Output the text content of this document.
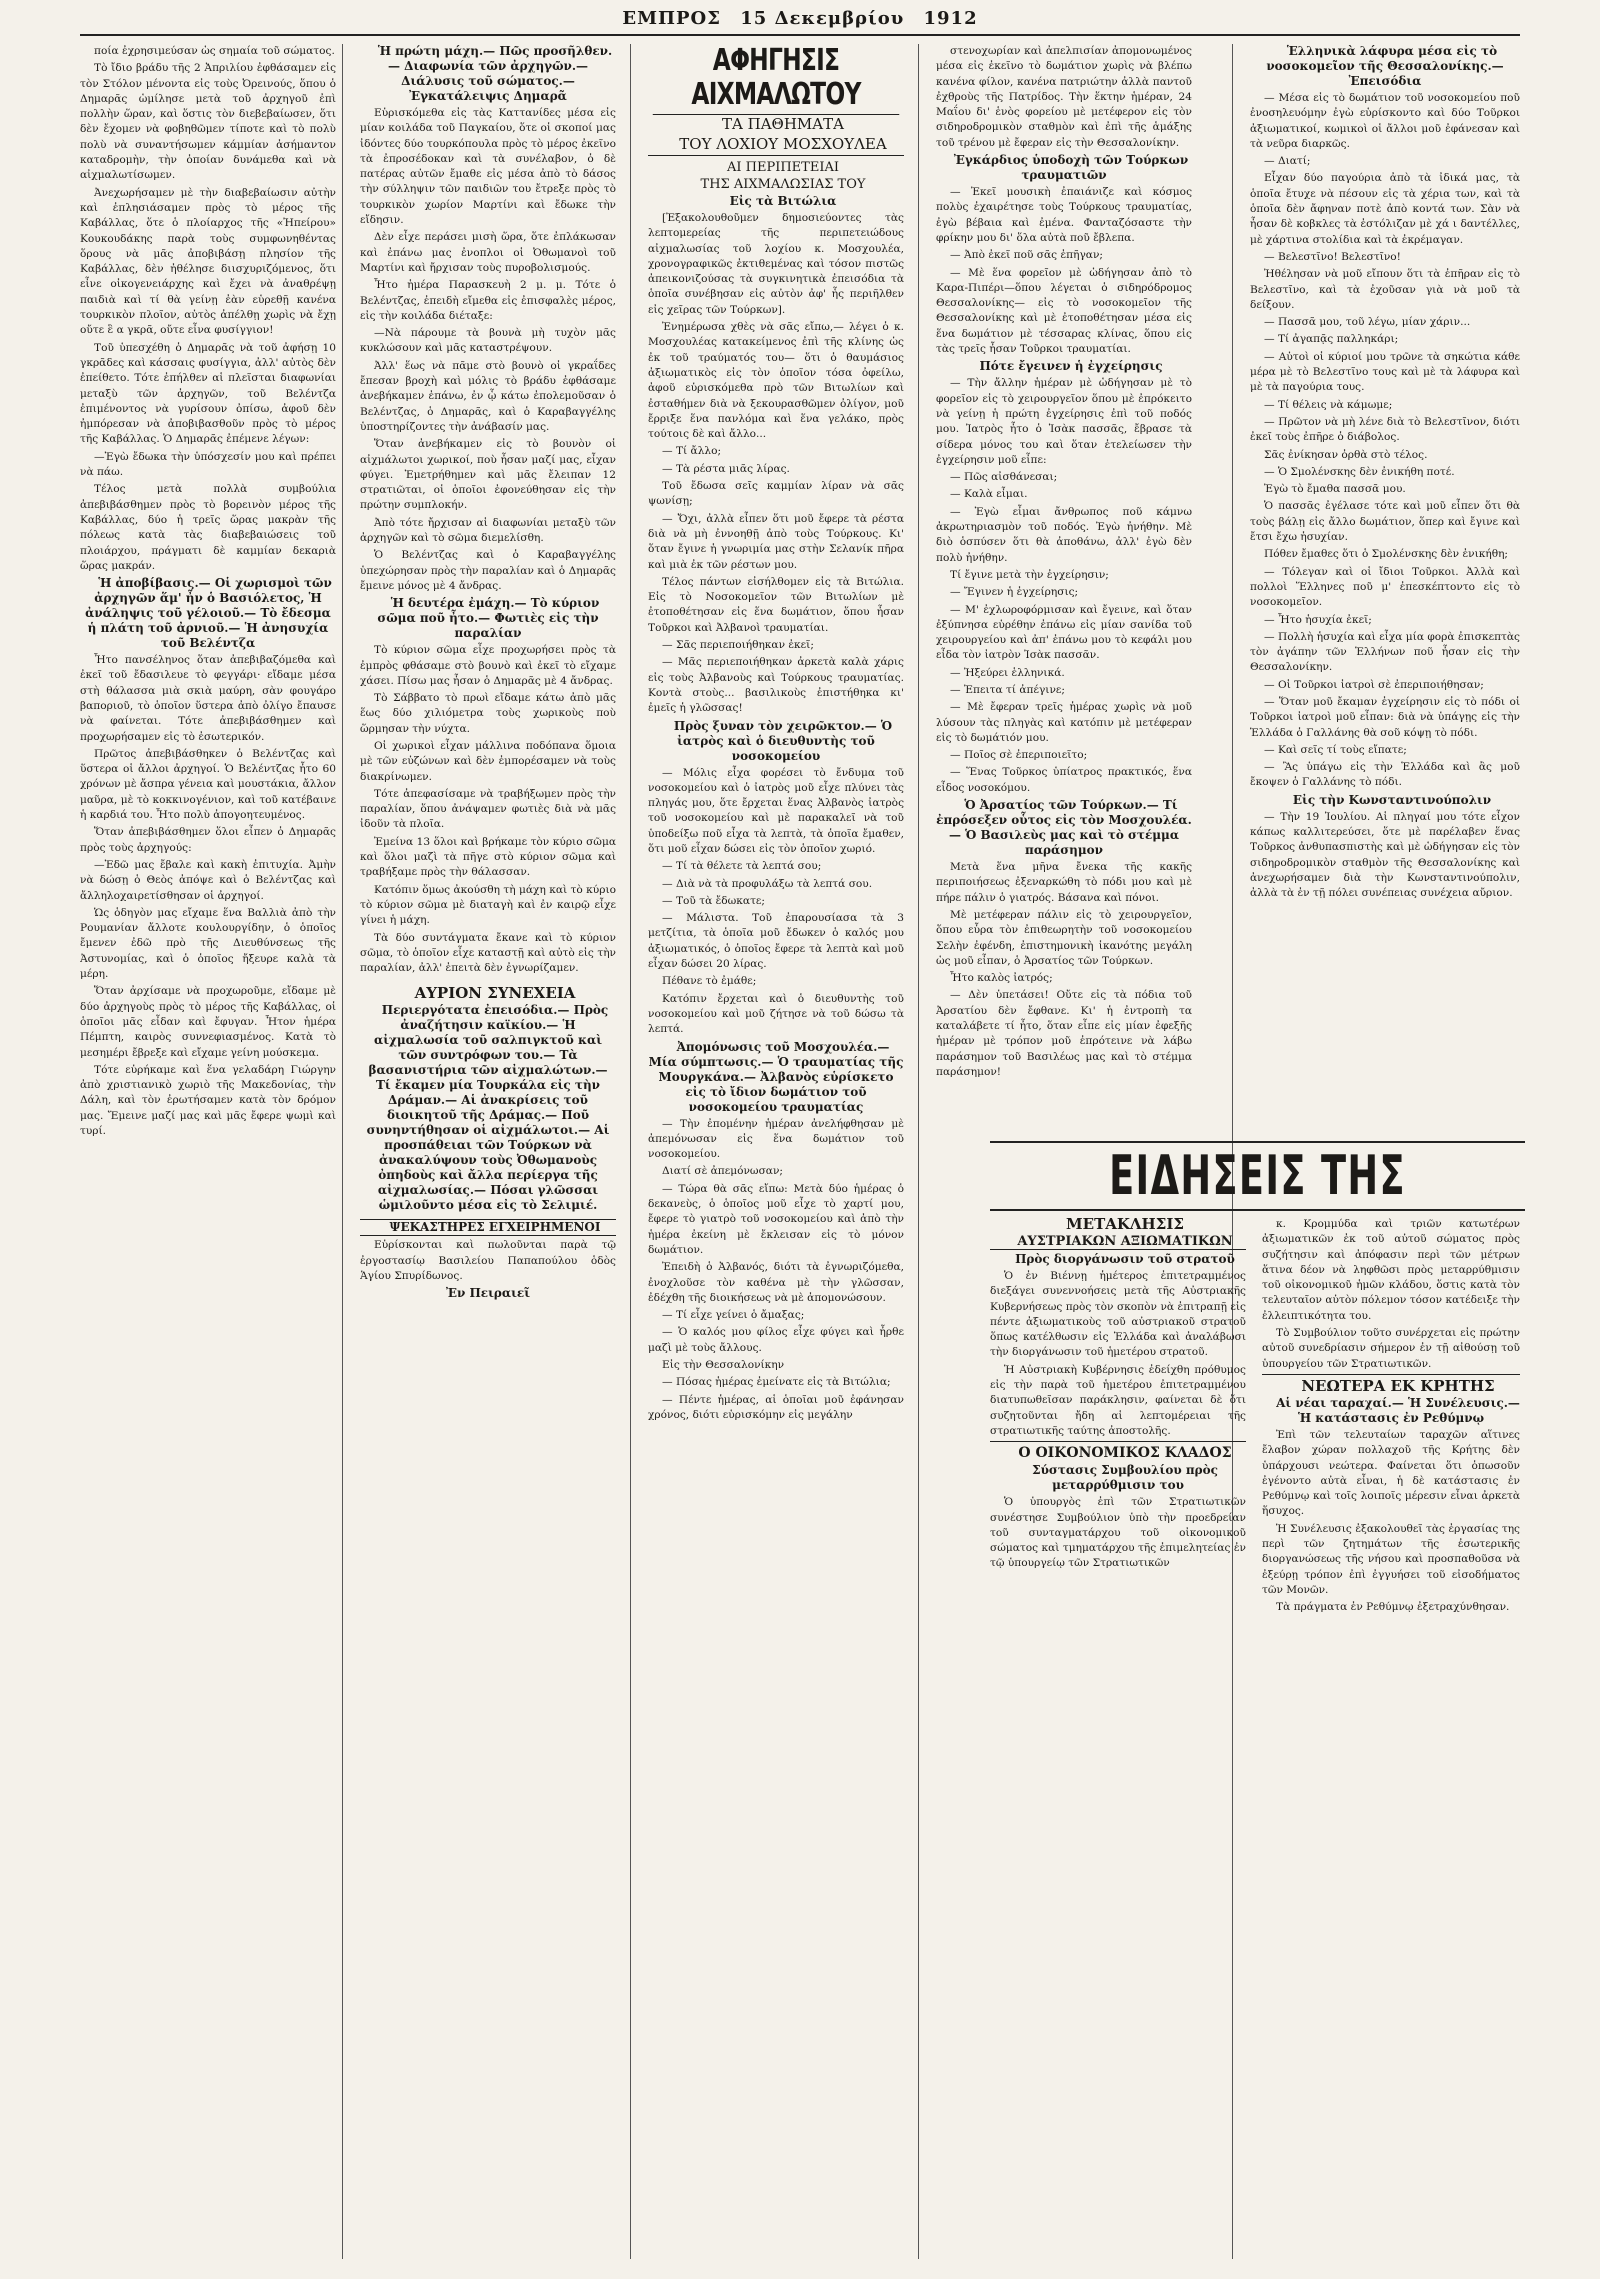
ΕΜΠΡΟΣ 15 Δεκεμβρίου 1912

ποία ἐχρησιμεύσαν ὡς σημαία τοῦ σώματος.

Τὸ ἴδιο βράδυ τῆς 2 Ἀπριλίου ἐφθάσαμεν εἰς τὸν Στόλον μένοντα εἰς τοὺς Ὀρεινούς, ὅπου ὁ Δημαρᾶς ὡμίλησε μετὰ τοῦ ἀρχηγοῦ ἐπὶ πολλὴν ὥραν, καὶ ὅστις τὸν διεβεβαίωσεν, ὅτι δὲν ἔχομεν νὰ φοβηθῶμεν τίποτε καὶ τὸ πολὺ πολὺ νὰ συναντήσωμεν κάμμίαν ἀσήμαντον καταδρομὴν, τὴν ὁποίαν δυνάμεθα καὶ νὰ αἰχμαλωτίσωμεν.

Ἀνεχωρήσαμεν μὲ τὴν διαβεβαίωσιν αὐτὴν καὶ ἐπλησιάσαμεν πρὸς τὸ μέρος τῆς Καβάλλας, ὅτε ὁ πλοίαρχος τῆς «Ἠπείρου» Κουκουδάκης παρὰ τοὺς συμφωνηθέντας ὅρους νὰ μᾶς ἀποβιβάσῃ πλησίον τῆς Καβάλλας, δὲν ἠθέλησε διισχυριζόμενος, ὅτι εἶνε οἰκογενειάρχης καὶ ἔχει νὰ ἀναθρέψῃ παιδιὰ καὶ τί θὰ γείνῃ ἐὰν εὑρεθῇ κανένα τουρκικὸν πλοῖον, αὐτὸς ἀπέλθῃ χωρὶς νὰ ἔχῃ οὔτε ἓ α γκρᾶ, οὔτε εἶνα φυσίγγιον!

Τοῦ ὑπεσχέθη ὁ Δημαρᾶς νὰ τοῦ ἀφήσῃ 10 γκρᾶδες καὶ κάσσαις φυσίγγια, ἀλλ' αὐτὸς δὲν ἐπείθετο. Τότε ἐπήλθεν αἱ πλεῖσται διαφωνίαι μεταξὺ τῶν ἀρχηγῶν, τοῦ Βελέντζα ἐπιμένοντος νὰ γυρίσουν ὀπίσω, ἀφοῦ δὲν ἠμπόρεσαν νὰ ἀποβιβασθοῦν πρὸς τὸ μέρος τῆς Καβάλλας. Ὁ Δημαρᾶς ἐπέμενε λέγων:

—Ἐγὼ ἔδωκα τὴν ὑπόσχεσίν μου καὶ πρέπει νὰ πάω.

Τέλος μετὰ πολλὰ συμβούλια ἀπεβιβάσθημεν πρὸς τὸ βορεινὸν μέρος τῆς Καβάλλας, δύο ἡ τρεῖς ὥρας μακρὰν τῆς πόλεως κατὰ τὰς διαβεβαιώσεις τοῦ πλοιάρχου, πράγματι δὲ καμμίαν δεκαριὰ ὥρας μακράν.

Ἡ ἀποβίβασις.— Οἱ χωρισμοὶ τῶν ἀρχηγῶν ἅμ' ἦν ὁ Βασιόλετος, Ἡ ἀνάληψις τοῦ γέλοιοῦ.— Τὸ ἔδεσμα ἡ πλάτη τοῦ ἀρνιοῦ.— Ἡ ἀνησυχία τοῦ Βελέντζα

Ἦτο πανσέληνος ὅταν ἀπεβιβαζόμεθα καὶ ἐκεῖ τοῦ ἔδασιλευε τὸ φεγγάρι· εἴδαμε μέσα στὴ θάλασσα μιὰ σκιὰ μαύρη, σὰν φουγάρο βαποριοῦ, τὸ ὁποῖον ὕστερα ἀπὸ ὀλίγο ἔπαυσε νὰ φαίνεται. Τότε ἀπεβιβάσθημεν καὶ προχωρήσαμεν εἰς τὸ ἐσωτερικόν.

Πρῶτος ἀπεβιβάσθηκεν ὁ Βελέντζας καὶ ὕστερα οἱ ἄλλοι ἀρχηγοί. Ὁ Βελέντζας ἦτο 60 χρόνων μὲ ἄσπρα γένεια καὶ μουστάκια, ἄλλον μαῦρα, μὲ τὸ κοκκινογένιον, καὶ τοῦ κατέβαινε ἡ καρδιά του. Ἦτο πολὺ ἀπογοητευμένος.

Ὅταν ἀπεβιβάσθημεν ὅλοι εἶπεν ὁ Δημαρᾶς πρὸς τοὺς ἀρχηγούς:

—Ἐδῶ μας ἔβαλε καὶ κακὴ ἐπιτυχία. Ἀμὴν νὰ δώσῃ ὁ Θεὸς ἀπόψε καὶ ὁ Βελέντζας καὶ ἄλληλοχαιρετίσθησαν οἱ ἀρχηγοί.

Ὡς ὁδηγὸν μας εἴχαμε ἕνα Βαλλιὰ ἀπὸ τὴν Ρουμανίαν ἄλλοτε κουλουργίδην, ὁ ὁποῖος ἔμενεν ἐδῶ πρὸ τῆς Διευθύνσεως τῆς Ἀστυνομίας, καὶ ὁ ὁποῖος ἤξευρε καλὰ τὰ μέρη.

Ὅταν ἀρχίσαμε νὰ προχωροῦμε, εἴδαμε μὲ δύο ἀρχηγοὺς πρὸς τὸ μέρος τῆς Καβάλλας, οἱ ὁποῖοι μᾶς εἶδαν καὶ ἔφυγαν. Ἦτον ἡμέρα Πέμπτη, καιρὸς συννεφιασμένος. Κατὰ τὸ μεσημέρι ἔβρεξε καὶ εἴχαμε γείνη μούσκεμα.

Τότε εὑρήκαμε καὶ ἕνα γελαδάρη Γιώργην ἀπὸ χριστιανικὸ χωριὸ τῆς Μακεδονίας, τὴν Δάλη, καὶ τὸν ἐρωτήσαμεν κατὰ τὸν δρόμον μας. Ἔμεινε μαζί μας καὶ μᾶς ἔφερε ψωμὶ καὶ τυρί.

Ἡ πρώτη μάχη.— Πῶς προσῆλθεν.— Διαφωνία τῶν ἀρχηγῶν.— Διάλυσις τοῦ σώματος.— Ἐγκατάλειψις Δημαρᾶ

Εὑρισκόμεθα εἰς τὰς Καττανίδες μέσα εἰς μίαν κοιλάδα τοῦ Παγκαίου, ὅτε οἱ σκοποί μας ἰδόντες δύο τουρκόπουλα πρὸς τὸ μέρος ἐκεῖνο τὰ ἐπροσέδοκαν καὶ τὰ συνέλαβον, ὁ δὲ πατέρας αὐτῶν ἔμαθε εἰς μέσα ἀπὸ τὸ δάσος τὴν σύλληψιν τῶν παιδιῶν του ἔτρεξε πρὸς τὸ τουρκικὸν χωρίον Μαρτίνι καὶ ἔδωκε τὴν εἴδησιν.

Δὲν εἶχε περάσει μισὴ ὥρα, ὅτε ἐπλάκωσαν καὶ ἐπάνω μας ἐνοπλοι οἱ Ὀθωμανοὶ τοῦ Μαρτίνι καὶ ἤρχισαν τοὺς πυροβολισμούς.

Ἦτο ἡμέρα Παρασκευὴ 2 μ. μ. Τότε ὁ Βελέντζας, ἐπειδὴ εἴμεθα εἰς ἐπισφαλὲς μέρος, εἰς τὴν κοιλάδα διέταξε:

—Νὰ πάρουμε τὰ βουνὰ μὴ τυχὸν μᾶς κυκλώσουν καὶ μᾶς καταστρέψουν.

Ἀλλ' ἕως νὰ πᾶμε στὸ βουνὸ οἱ γκραΐδες ἔπεσαν βροχὴ καὶ μόλις τὸ βράδυ ἐφθάσαμε ἀνεβήκαμεν ἐπάνω, ἐν ᾧ κάτω ἐπολεμοῦσαν ὁ Βελέντζας, ὁ Δημαρᾶς, καὶ ὁ Καραβαγγέλης ὑποστηρίζοντες τὴν ἀνάβασίν μας.

Ὅταν ἀνεβήκαμεν εἰς τὸ βουνὸν οἱ αἰχμάλωτοι χωρικοί, ποὺ ἦσαν μαζί μας, εἶχαν φύγει. Ἐμετρήθημεν καὶ μᾶς ἔλειπαν 12 στρατιῶται, οἱ ὁποῖοι ἐφονεύθησαν εἰς τὴν πρώτην συμπλοκήν.

Ἀπὸ τότε ἤρχισαν αἱ διαφωνίαι μεταξὺ τῶν ἀρχηγῶν καὶ τὸ σῶμα διεμελίσθη.

Ὁ Βελέντζας καὶ ὁ Καραβαγγέλης ὑπεχώρησαν πρὸς τὴν παραλίαν καὶ ὁ Δημαρᾶς ἔμεινε μόνος μὲ 4 ἄνδρας.

Ἡ δευτέρα ἐμάχη.— Τὸ κύριον σῶμα ποῦ ἦτο.— Φωτιὲς εἰς τὴν παραλίαν

Τὸ κύριον σῶμα εἶχε προχωρήσει πρὸς τὰ ἐμπρὸς φθάσαμε στὸ βουνὸ καὶ ἐκεῖ τὸ εἴχαμε χάσει. Πίσω μας ἦσαν ὁ Δημαρᾶς μὲ 4 ἄνδρας.

Τὸ Σάββατο τὸ πρωὶ εἴδαμε κάτω ἀπὸ μᾶς ἕως δύο χιλιόμετρα τοὺς χωρικοὺς ποὺ ὥρμησαν τὴν νύχτα.

Οἱ χωρικοὶ εἶχαν μάλλινα ποδόπανα ὅμοια μὲ τῶν εὐζώνων καὶ δὲν ἐμπορέσαμεν νὰ τοὺς διακρίνωμεν.

Τότε ἀπεφασίσαμε νὰ τραβήξωμεν πρὸς τὴν παραλίαν, ὅπου ἀνάψαμεν φωτιὲς διὰ νὰ μᾶς ἰδοῦν τὰ πλοῖα.

Ἐμείνα 13 ὅλοι καὶ βρήκαμε τὸν κύριο σῶμα καὶ ὅλοι μαζὶ τὰ πῆγε στὸ κύριον σῶμα καὶ τραβήξαμε πρὸς τὴν θάλασσαν.

Κατόπιν ὅμως ἀκούσθη τὴ μάχη καὶ τὸ κύριο τὸ κύριον σῶμα μὲ διαταγὴ καὶ ἐν καιρῷ εἶχε γίνει ἡ μάχη.

Τὰ δύο συντάγματα ἔκανε καὶ τὸ κύριον σῶμα, τὸ ὁποῖον εἶχε καταστῇ καὶ αὐτὸ εἰς τὴν παραλίαν, ἀλλ' ἐπειτὰ δὲν ἐγνωρίζαμεν.

ΑΥΡΙΟΝ ΣΥΝΕΧΕΙΑ

Περιεργότατα ἐπεισόδια.— Πρὸς ἀναζήτησιν καϊκίου.— Ἡ αἰχμαλωσία τοῦ σαλπιγκτοῦ καὶ τῶν συντρόφων του.— Τὰ βασανιστήρια τῶν αἰχμαλώτων.— Τί ἔκαμεν μία Τουρκάλα εἰς τὴν Δράμαν.— Αἱ ἀνακρίσεις τοῦ διοικητοῦ τῆς Δράμας.— Ποῦ συνηντήθησαν οἱ αἰχμάλωτοι.— Αἱ προσπάθειαι τῶν Τούρκων νὰ ἀνακαλύψουν τοὺς Ὀθωμανοὺς ὀπηδοὺς καὶ ἄλλα περίεργα τῆς αἰχμαλωσίας.— Πόσαι γλῶσσαι ὡμιλοῦντο μέσα εἰς τὸ Σελιμιέ.

ΨΕΚΑΣΤΗΡΕΣ ΕΓΧΕΙΡΗΜΕΝΟΙ

Εὑρίσκονται καὶ πωλοῦνται παρὰ τῷ ἐργοστασίῳ Βασιλείου Παπαπούλου ὁδὸς Ἁγίου Σπυρίδωνος.

Ἐν Πειραιεῖ

ΑΦΗΓΗΣΙΣ ΑΙΧΜΑΛΩΤΟΥ

ΤΑ ΠΑΘΗΜΑΤΑ

ΤΟΥ ΛΟΧΙΟΥ ΜΟΣΧΟΥΛΕΑ

ΑΙ ΠΕΡΙΠΕΤΕΙΑΙ

ΤΗΣ ΑΙΧΜΑΛΩΣΙΑΣ ΤΟΥ

Εἰς τὰ Βιτώλια

[Ἐξακολουθοῦμεν δημοσιεύοντες τὰς λεπτομερείας τῆς περιπετειώδους αἰχμαλωσίας τοῦ λοχίου κ. Μοσχουλέα, χρονογραφικῶς ἐκτιθεμένας καὶ τόσον πιστῶς ἀπεικονιζούσας τὰ συγκινητικὰ ἐπεισόδια τὰ ὁποῖα συνέβησαν εἰς αὐτὸν ἀφ' ἧς περιῆλθεν εἰς χεῖρας τῶν Τούρκων].

Ἐνημέρωσα χθὲς νὰ σᾶς εἴπω,— λέγει ὁ κ. Μοσχουλέας κατακείμενος ἐπὶ τῆς κλίνης ὡς ἐκ τοῦ τραύματός του— ὅτι ὁ θαυμάσιος ἀξιωματικὸς εἰς τὸν ὁποῖον τόσα ὀφείλω, ἀφοῦ εὑρισκόμεθα πρὸ τῶν Βιτωλίων καὶ ἐσταθήμεν διὰ νὰ ξεκουρασθῶμεν ὀλίγον, μοῦ ἔρριξε ἕνα πανλόμα καὶ ἕνα γελάκο, πρὸς τούτοις δὲ καὶ ἄλλο...

— Τί ἄλλο;

— Τὰ ρέστα μιᾶς λίρας.

Τοῦ ἔδωσα σεῖς καμμίαν λίραν νὰ σᾶς ψωνίσῃ;

— Ὄχι, ἀλλὰ εἶπεν ὅτι μοῦ ἔφερε τὰ ρέστα διὰ νὰ μὴ ἐννοηθῇ ἀπὸ τοὺς Τούρκους. Κι' ὅταν ἔγινε ἡ γνωριμία μας στὴν Σελανίκ πῆρα καὶ μιὰ ἐκ τῶν ρέστων μου.

Τέλος πάντων εἰσήλθομεν εἰς τὰ Βιτώλια. Εἰς τὸ Νοσοκομεῖον τῶν Βιτωλίων μὲ ἐτοποθέτησαν εἰς ἕνα δωμάτιον, ὅπου ἦσαν Τοῦρκοι καὶ Ἀλβανοὶ τραυματίαι.

— Σᾶς περιεποιήθηκαν ἐκεῖ;

— Μᾶς περιεποιήθηκαν ἀρκετὰ καλὰ χάρις εἰς τοὺς Ἀλβανοὺς καὶ Τούρκους τραυματίας. Κοντὰ στοὺς... βασιλικοὺς ἐπιστήθηκα κι' ἐμεῖς ἡ γλῶσσας!

Πρὸς ξυναν τὸν χειρῶκτον.— Ὁ ἰατρὸς καὶ ὁ διευθυντὴς τοῦ νοσοκομείου

— Μόλις εἶχα φορέσει τὸ ἔνδυμα τοῦ νοσοκομείου καὶ ὁ ἰατρὸς μοῦ εἶχε πλύνει τὰς πληγάς μου, ὅτε ἔρχεται ἕνας Ἀλβανὸς ἰατρὸς τοῦ νοσοκομείου καὶ μὲ παρακαλεῖ νὰ τοῦ ὑποδείξω ποῦ εἶχα τὰ λεπτὰ, τὰ ὁποῖα ἔμαθεν, ὅτι μοῦ εἶχαν δώσει εἰς τὸν ὁποῖον χωριό.

— Τί τὰ θέλετε τὰ λεπτά σου;

— Διὰ νὰ τὰ προφυλάξω τὰ λεπτά σου.

— Τοῦ τὰ ἔδωκατε;

— Μάλιστα. Τοῦ ἐπαρουσίασα τὰ 3 μετζίτια, τὰ ὁποῖα μοῦ ἔδωκεν ὁ καλός μου ἀξιωματικός, ὁ ὁποῖος ἔφερε τὰ λεπτὰ καὶ μοῦ εἶχαν δώσει 20 λίρας.

Πέθανε τὸ ἐμάθε;

Κατόπιν ἔρχεται καὶ ὁ διευθυντὴς τοῦ νοσοκομείου καὶ μοῦ ζήτησε νὰ τοῦ δώσω τὰ λεπτά.

Ἀπομόνωσις τοῦ Μοσχουλέα.— Μία σύμπτωσις.— Ὁ τραυματίας τῆς Μουργκάνα.— Ἀλβανὸς εὑρίσκετο εἰς τὸ ἴδιον δωμάτιον τοῦ νοσοκομείου τραυματίας

— Τὴν ἐπομένην ἡμέραν ἀνελήφθησαν μὲ ἀπεμόνωσαν εἰς ἕνα δωμάτιον τοῦ νοσοκομείου.

Διατί σὲ ἀπεμόνωσαν;

— Τώρα θὰ σᾶς εἴπω: Μετὰ δύο ἡμέρας ὁ δεκανεὺς, ὁ ὁποῖος μοῦ εἶχε τὸ χαρτί μου, ἔφερε τὸ γιατρὸ τοῦ νοσοκομείου καὶ ἀπὸ τὴν ἡμέρα ἐκείνη μὲ ἔκλεισαν εἰς τὸ μόνον δωμάτιον.

Ἐπειδὴ ὁ Ἀλβανός, διότι τὰ ἐγνωριζόμεθα, ἐνοχλοῦσε τὸν καθένα μὲ τὴν γλῶσσαν, ἐδέχθη τῆς διοικήσεως νὰ μὲ ἀπομονώσουν.

— Τί εἶχε γείνει ὁ ἄμαξας;

— Ὁ καλός μου φίλος εἶχε φύγει καὶ ἦρθε μαζὶ μὲ τοὺς ἄλλους.

Εἰς τὴν Θεσσαλονίκην

— Πόσας ἡμέρας ἐμείνατε εἰς τὰ Βιτώλια;

— Πέντε ἡμέρας, αἱ ὁποῖαι μοῦ ἐφάνησαν χρόνος, διότι εὑρισκόμην εἰς μεγάλην

στενοχωρίαν καὶ ἀπελπισίαν ἀπομονωμένος μέσα εἰς ἐκεῖνο τὸ δωμάτιον χωρὶς νὰ βλέπω κανένα φίλον, κανένα πατριώτην ἀλλὰ παντοῦ ἐχθροὺς τῆς Πατρίδος. Τὴν ἕκτην ἡμέραν, 24 Μαΐου δι' ἑνὸς φορείου μὲ μετέφερον εἰς τὸν σιδηροδρομικὸν σταθμὸν καὶ ἐπὶ τῆς ἁμάξης τοῦ τρένου μὲ ἔφεραν εἰς τὴν Θεσσαλονίκην.

Ἐγκάρδιος ὑποδοχὴ τῶν Τούρκων τραυματιῶν

— Ἐκεῖ μουσικὴ ἐπαιάνιζε καὶ κόσμος πολὺς ἐχαιρέτησε τοὺς Τούρκους τραυματίας, ἐγὼ βέβαια καὶ ἐμένα. Φανταζόσαστε τὴν φρίκην μου δι' ὅλα αὐτὰ ποῦ ἔβλεπα.

— Ἀπὸ ἐκεῖ ποῦ σᾶς ἐπῆγαν;

— Μὲ ἕνα φορεῖον μὲ ὡδήγησαν ἀπὸ τὸ Καρα-Πιπέρι—ὅπου λέγεται ὁ σιδηρόδρομος Θεσσαλονίκης— εἰς τὸ νοσοκομεῖον τῆς Θεσσαλονίκης καὶ μὲ ἐτοποθέτησαν μέσα εἰς ἕνα δωμάτιον μὲ τέσσαρας κλίνας, ὅπου εἰς τὰς τρεῖς ἦσαν Τοῦρκοι τραυματίαι.

Πότε ἔγεινεν ἡ ἐγχείρησις

— Τὴν ἄλλην ἡμέραν μὲ ὡδήγησαν μὲ τὸ φορεῖον εἰς τὸ χειρουργεῖον ὅπου μὲ ἐπρόκειτο νὰ γείνῃ ἡ πρώτη ἐγχείρησις ἐπὶ τοῦ ποδός μου. Ἰατρὸς ἦτο ὁ Ἰσὰκ πασσᾶς, ἔβρασε τὰ σίδερα μόνος του καὶ ὅταν ἐτελείωσεν τὴν ἐγχείρησιν μοῦ εἶπε:

— Πῶς αἰσθάνεσαι;

— Καλὰ εἶμαι.

— Ἐγὼ εἶμαι ἄνθρωπος ποῦ κάμνω ἀκρωτηριασμὸν τοῦ ποδός. Ἐγὼ ἠνήθην. Μὲ διὸ ὁσπύσεν ὅτι θὰ ἀποθάνω, ἀλλ' ἐγὼ δὲν πολὺ ἠνήθην.

Τί ἔγινε μετὰ τὴν ἐγχείρησιν;

— Ἔγινεν ἡ ἐγχείρησις;

— Μ' ἐχλωροφόρμισαν καὶ ἔγεινε, καὶ ὅταν ἐξύπνησα εὑρέθην ἐπάνω εἰς μίαν σανίδα τοῦ χειρουργείου καὶ ἀπ' ἐπάνω μου τὸ κεφάλι μου εἶδα τὸν ἰατρὸν Ἰσὰκ πασσᾶν.

— Ἠξεύρει ἑλληνικά.

— Ἐπειτα τί ἀπέγινε;

— Μὲ ἔφεραν τρεῖς ἡμέρας χωρὶς νὰ μοῦ λύσουν τὰς πληγὰς καὶ κατόπιν μὲ μετέφεραν εἰς τὸ δωμάτιόν μου.

— Ποῖος σὲ ἐπεριποιεῖτο;

— Ἕνας Τοῦρκος ὑπίατρος πρακτικός, ἕνα εἶδος νοσοκόμου.

Ὁ Ἀρσατίος τῶν Τούρκων.— Τί ἐπρόσεξεν οὗτος εἰς τὸν Μοσχουλέα.— Ὁ Βασιλεὺς μας καὶ τὸ στέμμα παράσημον

Μετὰ ἕνα μῆνα ἔνεκα τῆς κακῆς περιποιήσεως ἐξεναρκώθη τὸ πόδι μου καὶ μὲ πήρε πάλιν ὁ γιατρός. Βάσανα καὶ πόνοι.

Μὲ μετέφεραν πάλιν εἰς τὸ χειρουργεῖον, ὅπου εὗρα τὸν ἐπιθεωρητὴν τοῦ νοσοκομείου Σελὴν ἐφένδη, ἐπιστημονικὴ ἱκανότης μεγάλη ὡς μοῦ εἶπαν, ὁ Ἀρσατίος τῶν Τούρκων.

Ἦτο καλὸς ἰατρός;

— Δὲν ὑπετάσει! Οὔτε εἰς τὰ πόδια τοῦ Ἀρσατίου δὲν ἔφθανε. Κι' ἡ ἐντροπὴ τα καταλάβετε τί ἦτο, ὅταν εἶπε εἰς μίαν ἐφεξῆς ἡμέραν μὲ τρόπον μοῦ ἐπρότεινε νὰ λάβω παράσημον τοῦ Βασιλέως μας καὶ τὸ στέμμα παράσημον!

Ἑλληνικὰ λάφυρα μέσα εἰς τὸ νοσοκομεῖον τῆς Θεσσαλονίκης.— Ἐπεισόδια

— Μέσα εἰς τὸ δωμάτιον τοῦ νοσοκομείου ποῦ ἐνοσηλευόμην ἐγὼ εὑρίσκοντο καὶ δύο Τοῦρκοι ἀξιωματικοί, κωμικοὶ οἱ ἄλλοι μοῦ ἐφάνεσαν καὶ τὰ νεῦρα διαρκῶς.

— Διατί;

Εἶχαν δύο παγούρια ἀπὸ τὰ ἰδικά μας, τὰ ὁποῖα ἔτυχε νὰ πέσουν εἰς τὰ χέρια των, καὶ τὰ ὁποῖα δὲν ἄφηναν ποτὲ ἀπὸ κοντά των. Σὰν νὰ ἦσαν δὲ κοβκλες τὰ ἐστόλιζαν μὲ χά ι δαντέλλες, μὲ χάρτινα στολίδια καὶ τὰ ἐκρέμαγαν.

— Βελεστῖνο! Βελεστῖνο!

Ἠθέλησαν νὰ μοῦ εἴπουν ὅτι τὰ ἐπῆραν εἰς τὸ Βελεστῖνο, καὶ τὰ ἐχοῦσαν γιὰ νὰ μοῦ τὰ δείξουν.

— Πασσᾶ μου, τοῦ λέγω, μίαν χάριν...

— Τί ἀγαπᾷς παλληκάρι;

— Αὐτοὶ οἱ κύριοί μου τρῶνε τὰ σηκώτια κάθε μέρα μὲ τὸ Βελεστῖνο τους καὶ μὲ τὰ λάφυρα καὶ μὲ τὰ παγούρια τους.

— Τί θέλεις νὰ κάμωμε;

— Πρῶτον νὰ μὴ λένε διὰ τὸ Βελεστῖνον, διότι ἐκεῖ τοὺς ἐπῆρε ὁ διάβολος.

Σᾶς ἐνίκησαν ὀρθὰ στὸ τέλος.

— Ὁ Σμολένσκης δὲν ἐνικήθη ποτέ.

Ἐγὼ τὸ ἔμαθα πασσᾶ μου.

Ὁ πασσᾶς ἐγέλασε τότε καὶ μοῦ εἶπεν ὅτι θὰ τοὺς βάλῃ εἰς ἄλλο δωμάτιον, ὅπερ καὶ ἔγινε καὶ ἔτσι ἔχω ἡσυχίαν.

Πόθεν ἔμαθες ὅτι ὁ Σμολένσκης δὲν ἐνικήθη;

— Τόλεγαν καὶ οἱ ἴδιοι Τοῦρκοι. Ἀλλὰ καὶ πολλοὶ Ἕλληνες ποῦ μ' ἐπεσκέπτοντο εἰς τὸ νοσοκομεῖον.

— Ἦτο ἡσυχία ἐκεῖ;

— Πολλὴ ἡσυχία καὶ εἶχα μία φορὰ ἐπισκεπτὰς τὸν ἀγάπην τῶν Ἑλλήνων ποῦ ἦσαν εἰς τὴν Θεσσαλονίκην.

— Οἱ Τοῦρκοι ἰατροὶ σὲ ἐπεριποιήθησαν;

— Ὅταν μοῦ ἔκαμαν ἐγχείρησιν εἰς τὸ πόδι οἱ Τοῦρκοι ἰατροὶ μοῦ εἶπαν: διὰ νὰ ὑπάγῃς εἰς τὴν Ἑλλάδα ὁ Γαλλάνης θὰ σοῦ κόψῃ τὸ πόδι.

— Καὶ σεῖς τί τοὺς εἴπατε;

— Ἂς ὑπάγω εἰς τὴν Ἑλλάδα καὶ ἂς μοῦ ἔκοψεν ὁ Γαλλάνης τὸ πόδι.

Εἰς τὴν Κωνσταντινούπολιν

— Τὴν 19 Ἰουλίου. Αἱ πληγαί μου τότε εἶχον κάπως καλλιτερεύσει, ὅτε μὲ παρέλαβεν ἕνας Τοῦρκος ἀνθυπασπιστὴς καὶ μὲ ὡδήγησαν εἰς τὸν σιδηροδρομικὸν σταθμὸν τῆς Θεσσαλονίκης καὶ ἀνεχωρήσαμεν διὰ τὴν Κωνσταντινούπολιν, ἀλλὰ τὰ ἐν τῇ πόλει συνέπειας συνέχεια αὔριον.

ΕΙΔΗΣΕΙΣ ΤΗΣ

ΜΕΤΑΚΛΗΣΙΣ

ΑΥΣΤΡΙΑΚΩΝ ΑΞΙΩΜΑΤΙΚΩΝ

Πρὸς διοργάνωσιν τοῦ στρατοῦ

Ὁ ἐν Βιέννῃ ἡμέτερος ἐπιτετραμμένος διεξάγει συνεννοήσεις μετὰ τῆς Αὐστριακῆς Κυβερνήσεως πρὸς τὸν σκοπὸν νὰ ἐπιτραπῇ εἰς πέντε ἀξιωματικοὺς τοῦ αὐστριακοῦ στρατοῦ ὅπως κατέλθωσιν εἰς Ἑλλάδα καὶ ἀναλάβωσι τὴν διοργάνωσιν τοῦ ἡμετέρου στρατοῦ.

Ἡ Αὐστριακὴ Κυβέρνησις ἐδείχθη πρόθυμος εἰς τὴν παρὰ τοῦ ἡμετέρου ἐπιτετραμμένου διατυπωθεῖσαν παράκλησιν, φαίνεται δὲ ὅτι συζητοῦνται ἤδη αἱ λεπτομέρειαι τῆς στρατιωτικῆς ταύτης ἀποστολῆς.

Ο ΟΙΚΟΝΟΜΙΚΟΣ ΚΛΑΔΟΣ

Σύστασις Συμβουλίου πρὸς μεταρρύθμισιν του

Ὁ ὑπουργὸς ἐπὶ τῶν Στρατιωτικῶν συνέστησε Συμβούλιον ὑπὸ τὴν προεδρείαν τοῦ συνταγματάρχου τοῦ οἰκονομικοῦ σώματος καὶ τμηματάρχου τῆς ἐπιμελητείας ἐν τῷ ὑπουργείῳ τῶν Στρατιωτικῶν

κ. Κρομμύδα καὶ τριῶν κατωτέρων ἀξιωματικῶν ἐκ τοῦ αὐτοῦ σώματος πρὸς συζήτησιν καὶ ἀπόφασιν περὶ τῶν μέτρων ἅτινα δέον νὰ ληφθῶσι πρὸς μεταρρύθμισιν τοῦ οἰκονομικοῦ ἡμῶν κλάδου, ὅστις κατὰ τὸν τελευταῖον αὐτὸν πόλεμον τόσον κατέδειξε τὴν ἐλλειπτικότητα του.

Τὸ Συμβούλιον τοῦτο συνέρχεται εἰς πρώτην αὐτοῦ συνεδρίασιν σήμερον ἐν τῇ αἰθούσῃ τοῦ ὑπουργείου τῶν Στρατιωτικῶν.

ΝΕΩΤΕΡΑ ΕΚ ΚΡΗΤΗΣ

Αἱ νέαι ταραχαί.— Ἡ Συνέλευσις.— Ἡ κατάστασις ἐν Ρεθύμνῳ

Ἐπὶ τῶν τελευταίων ταραχῶν αἵτινες ἔλαβον χώραν πολλαχοῦ τῆς Κρήτης δὲν ὑπάρχουσι νεώτερα. Φαίνεται ὅτι ὁπωσοῦν ἐγένοντο αὐτὰ εἶναι, ἡ δὲ κατάστασις ἐν Ρεθύμνῳ καὶ τοῖς λοιποῖς μέρεσιν εἶναι ἀρκετὰ ἥσυχος.

Ἡ Συνέλευσις ἐξακολουθεῖ τὰς ἐργασίας της περὶ τῶν ζητημάτων τῆς ἐσωτερικῆς διοργανώσεως τῆς νήσου καὶ προσπαθοῦσα νὰ ἐξεύρῃ τρόπον ἐπὶ ἐγγυήσει τοῦ εἰσοδήματος τῶν Μονῶν.

Τὰ πράγματα ἐν Ρεθύμνῳ ἐξετραχύνθησαν.
